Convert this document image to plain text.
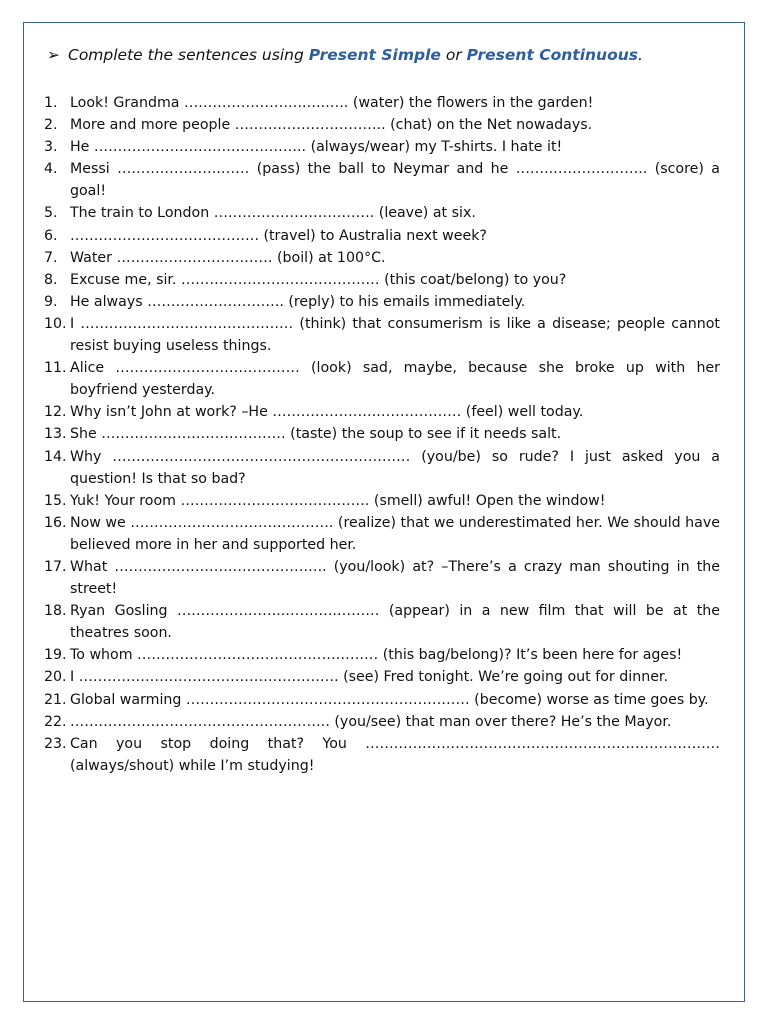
➢ Complete the sentences using Present Simple or Present Continuous.
1. Look! Grandma ……………………..…..…. (water) the flowers in the garden!
2. More and more people ………………………….. (chat) on the Net nowadays.
3. He ……………………….…………….. (always/wear) my T-shirts. I hate it!
4. Messi ………………….…… (pass) the ball to Neymar and he ……..……………….. (score) a goal!
5. The train to London ……………………………. (leave) at six.
6. …………………………………. (travel) to Australia next week?
7. Water …………………………… (boil) at 100°C.
8. Excuse me, sir. …………………………………… (this coat/belong) to you?
9. He always ……………………….. (reply) to his emails immediately.
10. I ……………………………………… (think) that consumerism is like a disease; people cannot resist buying useless things.
11. Alice ………………………………… (look) sad, maybe, because she broke up with her boyfriend yesterday.
12. Why isn’t John at work? –He ………………….……………… (feel) well today.
13. She ………………………………… (taste) the soup to see if it needs salt.
14. Why ……………………………………………………… (you/be) so rude? I just asked you a question! Is that so bad?
15. Yuk! Your room …………………………………. (smell) awful! Open the window!
16. Now we ……………………………………. (realize) that we underestimated her. We should have believed more in her and supported her.
17. What …………………….……………….. (you/look) at? –There’s a crazy man shouting in the street!
18. Ryan Gosling …………………..………..……… (appear) in a new film that will be at the theatres soon.
19. To whom …………………………………………… (this bag/belong)? It’s been here for ages!
20. I ………………………………………………. (see) Fred tonight. We’re going out for dinner.
21. Global warming …………………………………………………… (become) worse as time goes by.
22. ………………………………………………. (you/see) that man over there? He’s the Mayor.
23. Can you stop doing that? You ………………………………………………………………… (always/shout) while I’m studying!
